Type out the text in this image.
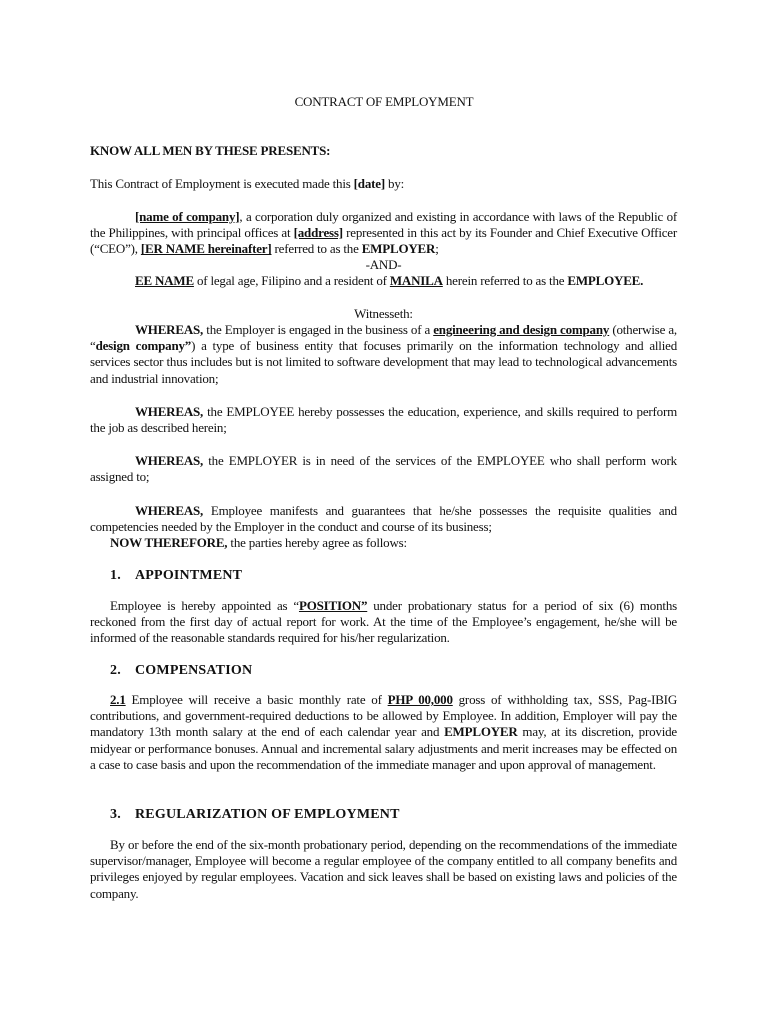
CONTRACT OF EMPLOYMENT

KNOW ALL MEN BY THESE PRESENTS:

This Contract of Employment is executed made this [date] by:

[name of company], a corporation duly organized and existing in accordance with laws of the Republic of the Philippines, with principal offices at [address] represented in this act by its Founder and Chief Executive Officer (“CEO”), [ER NAME hereinafter] referred to as the EMPLOYER;

-AND-

EE NAME of legal age, Filipino and a resident of MANILA herein referred to as the EMPLOYEE.

Witnesseth:

WHEREAS, the Employer is engaged in the business of a engineering and design company (otherwise a, “design company”) a type of business entity that focuses primarily on the information technology and allied services sector thus includes but is not limited to software development that may lead to technological advancements and industrial innovation;

WHEREAS, the EMPLOYEE hereby possesses the education, experience, and skills required to perform the job as described herein;

WHEREAS, the EMPLOYER is in need of the services of the EMPLOYEE who shall perform work assigned to;

WHEREAS, Employee manifests and guarantees that he/she possesses the requisite qualities and competencies needed by the Employer in the conduct and course of its business;

NOW THEREFORE, the parties hereby agree as follows:

1. APPOINTMENT

Employee is hereby appointed as “POSITION” under probationary status for a period of six (6) months reckoned from the first day of actual report for work. At the time of the Employee’s engagement, he/she will be informed of the reasonable standards required for his/her regularization.

2. COMPENSATION

2.1 Employee will receive a basic monthly rate of PHP 00,000 gross of withholding tax, SSS, Pag-IBIG contributions, and government-required deductions to be allowed by Employee. In addition, Employer will pay the mandatory 13th month salary at the end of each calendar year and EMPLOYER may, at its discretion, provide midyear or performance bonuses. Annual and incremental salary adjustments and merit increases may be effected on a case to case basis and upon the recommendation of the immediate manager and upon approval of management.

3. REGULARIZATION OF EMPLOYMENT

By or before the end of the six-month probationary period, depending on the recommendations of the immediate supervisor/manager, Employee will become a regular employee of the company entitled to all company benefits and privileges enjoyed by regular employees. Vacation and sick leaves shall be based on existing laws and policies of the company.
